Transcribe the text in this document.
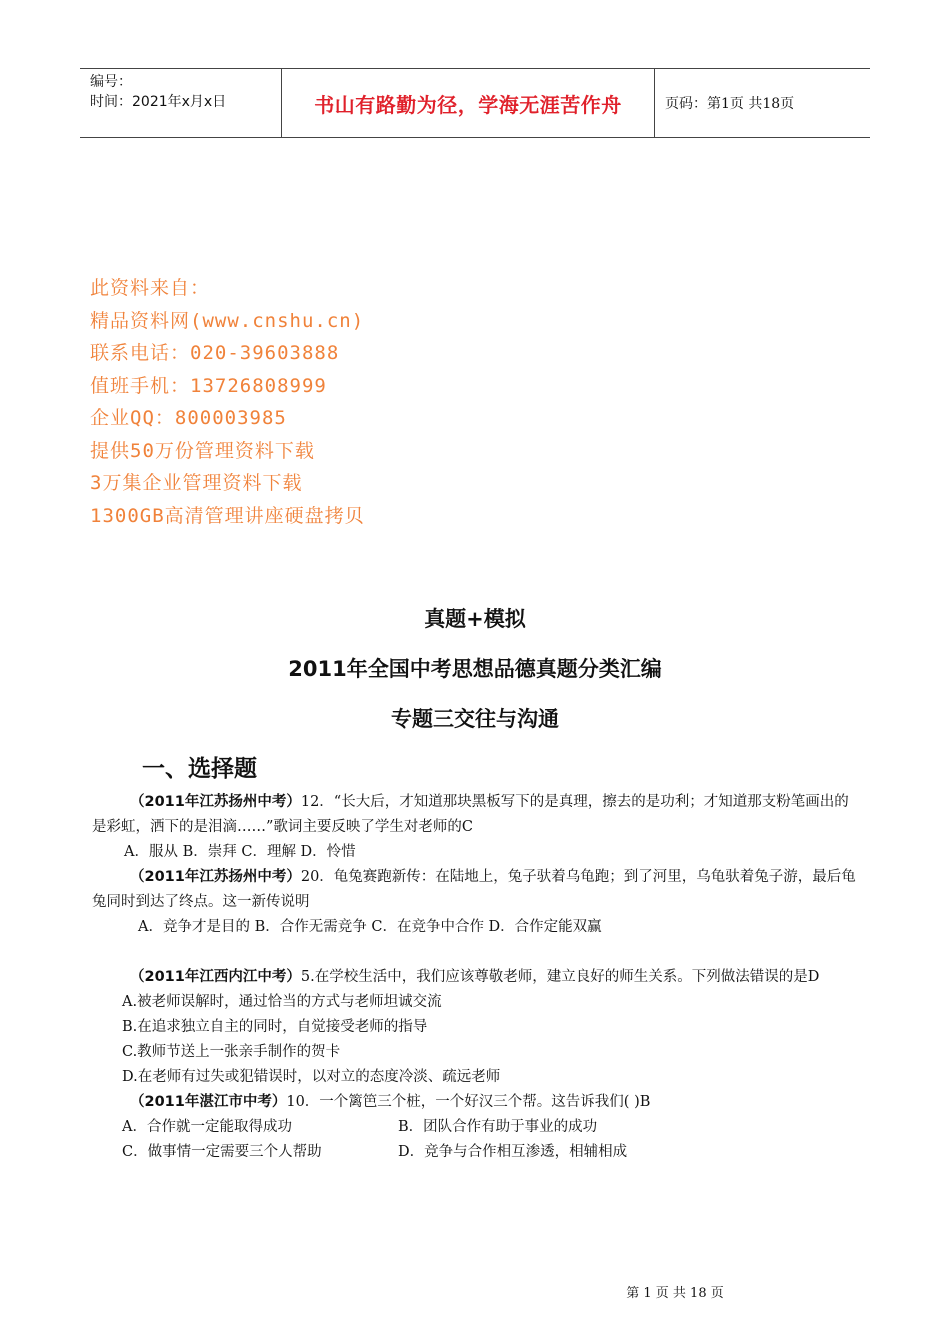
编号：
时间：2021年x月x日	书山有路勤为径，学海无涯苦作舟	页码：第1页 共18页
此资料来自：
精品资料网(www.cnshu.cn)
联系电话：020-39603888
值班手机：13726808999
企业QQ：800003985
提供50万份管理资料下载
3万集企业管理资料下载
1300GB高清管理讲座硬盘拷贝
真题+模拟
2011年全国中考思想品德真题分类汇编
专题三交往与沟通
一、选择题
（2011年江苏扬州中考）12．“长大后，才知道那块黑板写下的是真理，擦去的是功利；才知道那支粉笔画出的是彩虹，洒下的是泪滴……”歌词主要反映了学生对老师的C
A．服从 B．崇拜 C．理解 D．怜惜
（2011年江苏扬州中考）20．龟兔赛跑新传：在陆地上，兔子驮着乌龟跑；到了河里，乌龟驮着兔子游，最后龟兔同时到达了终点。这一新传说明
A．竞争才是目的 B．合作无需竞争 C．在竞争中合作 D．合作定能双赢
（2011年江西内江中考）5.在学校生活中，我们应该尊敬老师，建立良好的师生关系。下列做法错误的是D
A.被老师误解时，通过恰当的方式与老师坦诚交流
B.在追求独立自主的同时，自觉接受老师的指导
C.教师节送上一张亲手制作的贺卡
D.在老师有过失或犯错误时，以对立的态度冷淡、疏远老师
（2011年湛江市中考）10．一个篱笆三个桩，一个好汉三个帮。这告诉我们( )B
A．合作就一定能取得成功	B．团队合作有助于事业的成功
C．做事情一定需要三个人帮助	D．竞争与合作相互渗透，相辅相成
第 1 页 共 18 页
